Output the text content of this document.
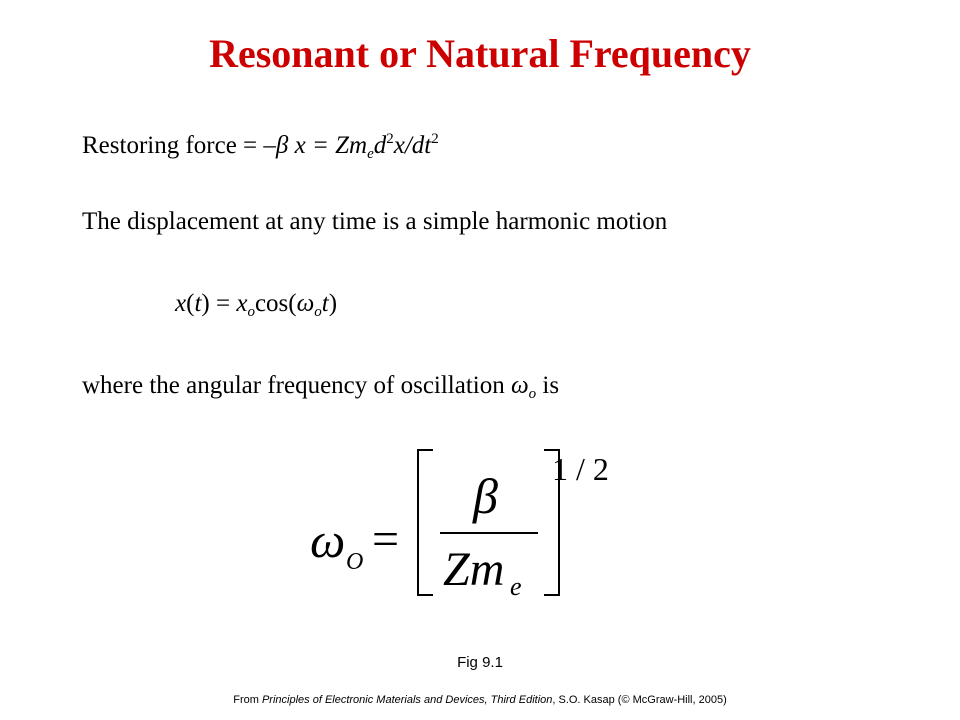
Resonant or Natural Frequency
Restoring force = –β $x = Zm_ed^2x/dt^2$
The displacement at any time is a simple harmonic motion
$x(t) = x_o\cos(\omega_ot)$
where the angular frequency of oscillation $\omega_o$ is
ω O =
β
Zm e
1 / 2
Fig 9.1
From Principles of Electronic Materials and Devices, Third Edition, S.O. Kasap (© McGraw-Hill, 2005)
